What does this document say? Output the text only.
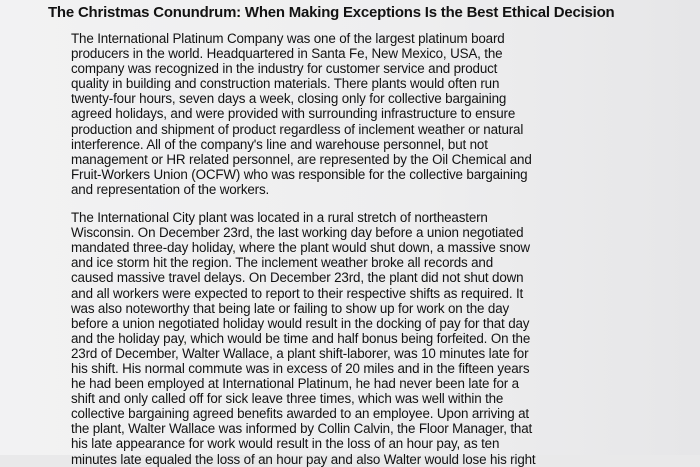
The Christmas Conundrum: When Making Exceptions Is the Best Ethical Decision

The International Platinum Company was one of the largest platinum board
producers in the world. Headquartered in Santa Fe, New Mexico, USA, the
company was recognized in the industry for customer service and product
quality in building and construction materials. There plants would often run
twenty-four hours, seven days a week, closing only for collective bargaining
agreed holidays, and were provided with surrounding infrastructure to ensure
production and shipment of product regardless of inclement weather or natural
interference. All of the company's line and warehouse personnel, but not
management or HR related personnel, are represented by the Oil Chemical and
Fruit-Workers Union (OCFW) who was responsible for the collective bargaining
and representation of the workers.

The International City plant was located in a rural stretch of northeastern
Wisconsin. On December 23rd, the last working day before a union negotiated
mandated three-day holiday, where the plant would shut down, a massive snow
and ice storm hit the region. The inclement weather broke all records and
caused massive travel delays. On December 23rd, the plant did not shut down
and all workers were expected to report to their respective shifts as required. It
was also noteworthy that being late or failing to show up for work on the day
before a union negotiated holiday would result in the docking of pay for that day
and the holiday pay, which would be time and half bonus being forfeited. On the
23rd of December, Walter Wallace, a plant shift-laborer, was 10 minutes late for
his shift. His normal commute was in excess of 20 miles and in the fifteen years
he had been employed at International Platinum, he had never been late for a
shift and only called off for sick leave three times, which was well within the
collective bargaining agreed benefits awarded to an employee. Upon arriving at
the plant, Walter Wallace was informed by Collin Calvin, the Floor Manager, that
his late appearance for work would result in the loss of an hour pay, as ten
minutes late equaled the loss of an hour pay and also Walter would lose his right
